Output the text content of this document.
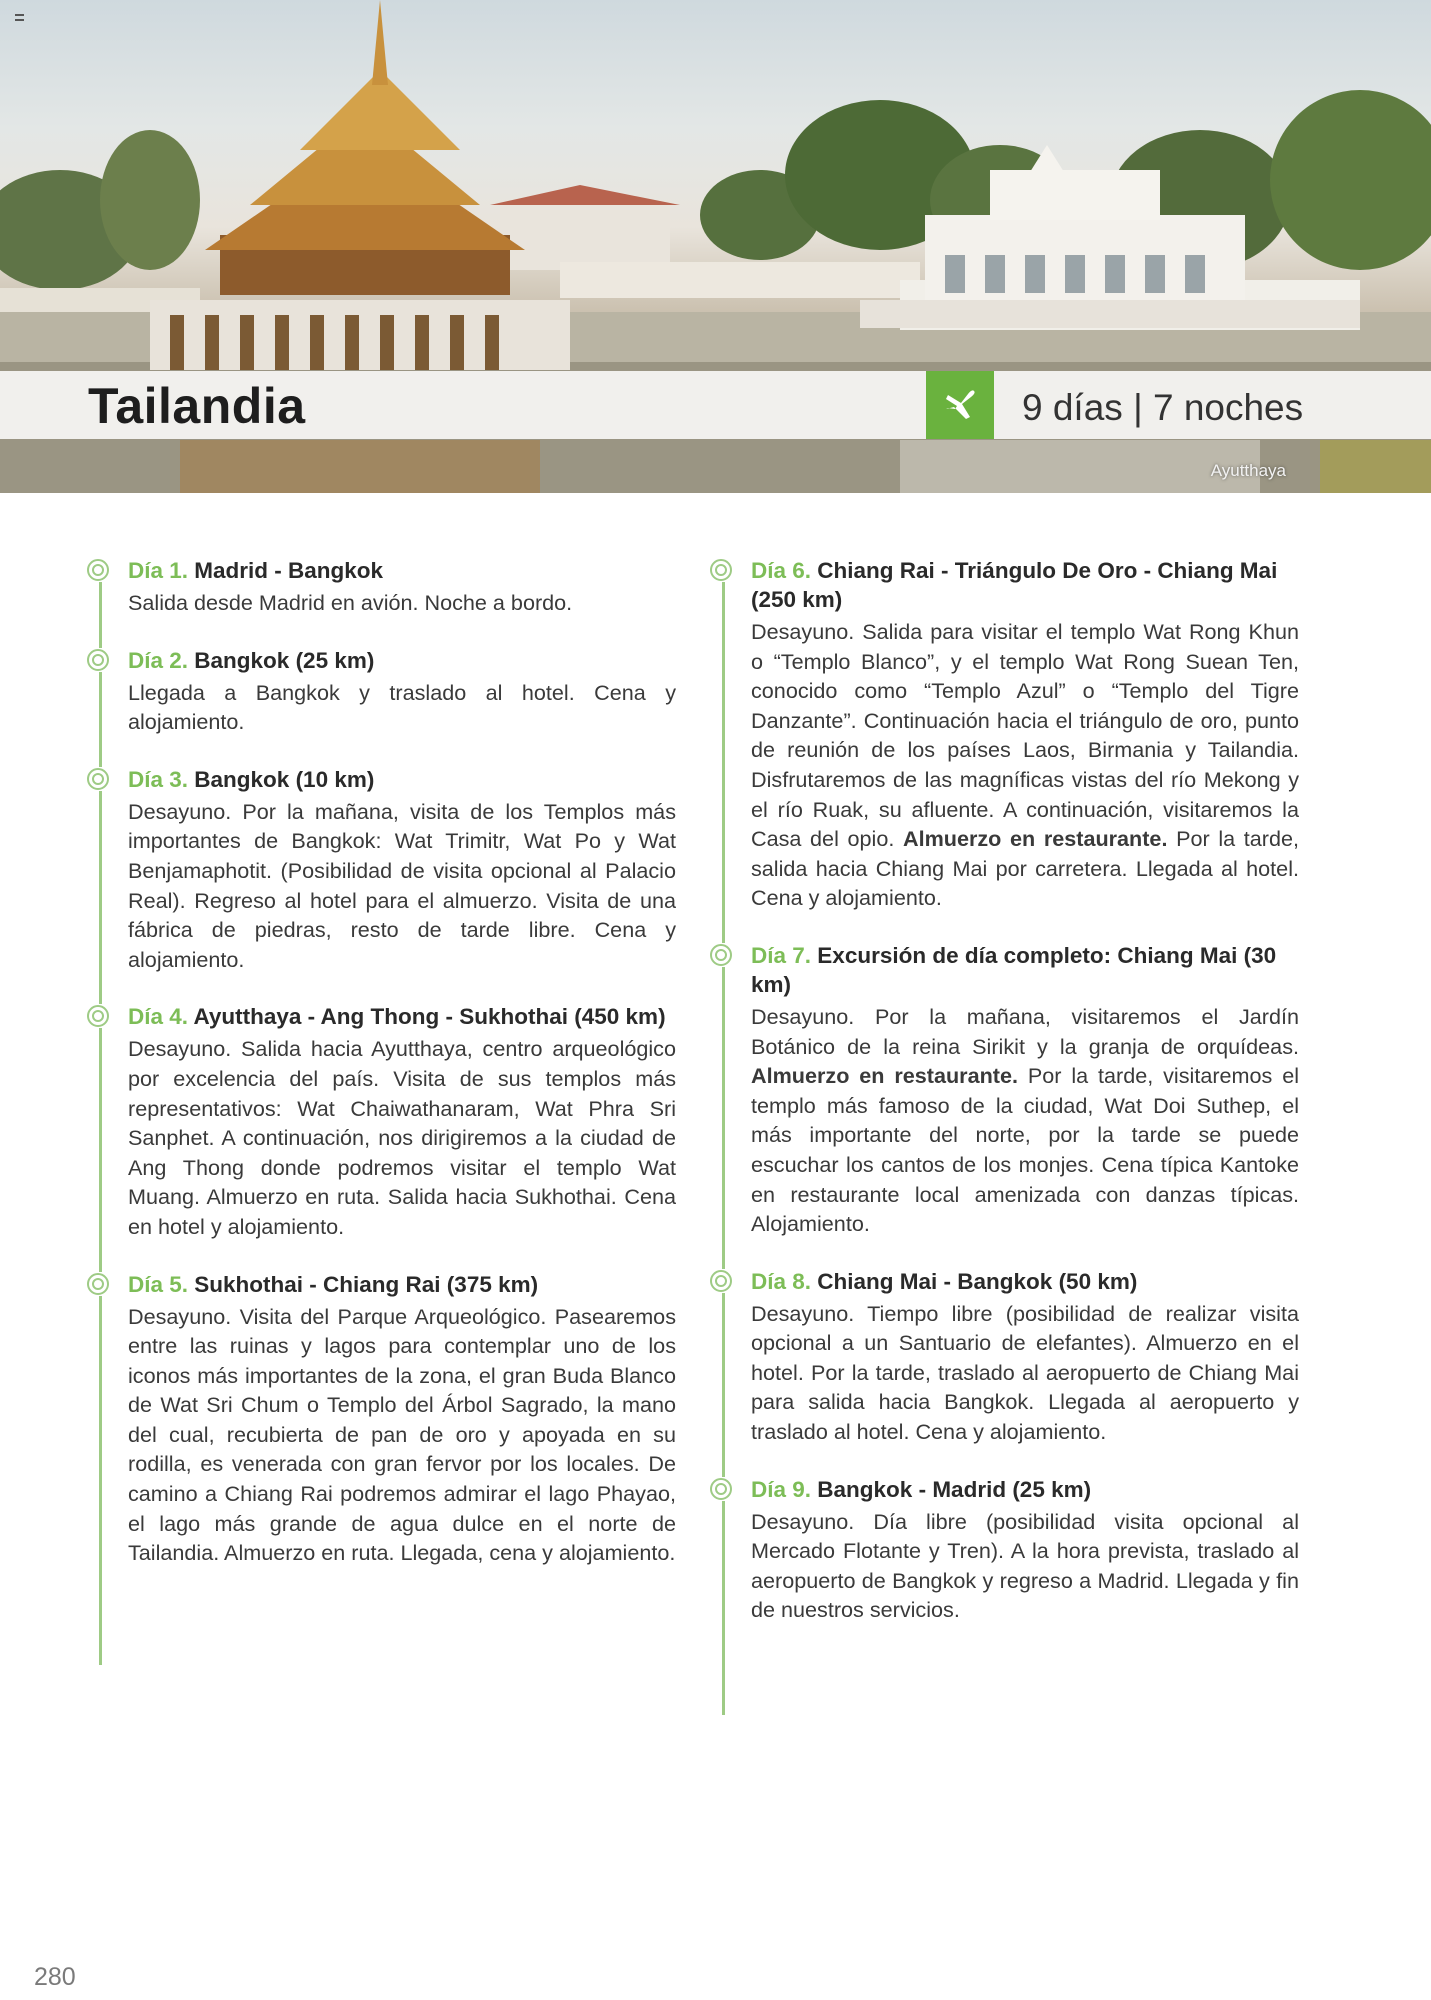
Tailandia	9 días | 7 noches
Ayutthaya

Día 1. Madrid - Bangkok

Salida desde Madrid en avión. Noche a bordo.

Día 2. Bangkok (25 km)

Llegada a Bangkok y traslado al hotel. Cena y alojamiento.

Día 3. Bangkok (10 km)

Desayuno. Por la mañana, visita de los Templos más importantes de Bangkok: Wat Trimitr, Wat Po y Wat Benjamaphotit. (Posibilidad de visita opcional al Palacio Real). Regreso al hotel para el almuerzo. Visita de una fábrica de piedras, resto de tarde libre. Cena y alojamiento.

Día 4. Ayutthaya - Ang Thong - Sukhothai (450 km)

Desayuno. Salida hacia Ayutthaya, centro arqueológico por excelencia del país. Visita de sus templos más representativos: Wat Chaiwathanaram, Wat Phra Sri Sanphet. A continuación, nos dirigiremos a la ciudad de Ang Thong donde podremos visitar el templo Wat Muang. Almuerzo en ruta. Salida hacia Sukhothai. Cena en hotel y alojamiento.

Día 5. Sukhothai - Chiang Rai (375 km)

Desayuno. Visita del Parque Arqueológico. Pasearemos entre las ruinas y lagos para contemplar uno de los iconos más importantes de la zona, el gran Buda Blanco de Wat Sri Chum o Templo del Árbol Sagrado, la mano del cual, recubierta de pan de oro y apoyada en su rodilla, es venerada con gran fervor por los locales. De camino a Chiang Rai podremos admirar el lago Phayao, el lago más grande de agua dulce en el norte de Tailandia. Almuerzo en ruta. Llegada, cena y alojamiento.

Día 6. Chiang Rai - Triángulo De Oro - Chiang Mai (250 km)

Desayuno. Salida para visitar el templo Wat Rong Khun o “Templo Blanco”, y el templo Wat Rong Suean Ten, conocido como “Templo Azul” o “Templo del Tigre Danzante”. Continuación hacia el triángulo de oro, punto de reunión de los países Laos, Birmania y Tailandia. Disfrutaremos de las magníficas vistas del río Mekong y el río Ruak, su afluente. A continuación, visitaremos la Casa del opio. Almuerzo en restaurante. Por la tarde, salida hacia Chiang Mai por carretera. Llegada al hotel. Cena y alojamiento.

Día 7. Excursión de día completo: Chiang Mai (30 km)

Desayuno. Por la mañana, visitaremos el Jardín Botánico de la reina Sirikit y la granja de orquídeas. Almuerzo en restaurante. Por la tarde, visitaremos el templo más famoso de la ciudad, Wat Doi Suthep, el más importante del norte, por la tarde se puede escuchar los cantos de los monjes. Cena típica Kantoke en restaurante local amenizada con danzas típicas. Alojamiento.

Día 8. Chiang Mai - Bangkok (50 km)

Desayuno. Tiempo libre (posibilidad de realizar visita opcional a un Santuario de elefantes). Almuerzo en el hotel. Por la tarde, traslado al aeropuerto de Chiang Mai para salida hacia Bangkok. Llegada al aeropuerto y traslado al hotel. Cena y alojamiento.

Día 9. Bangkok - Madrid (25 km)

Desayuno. Día libre (posibilidad visita opcional al Mercado Flotante y Tren). A la hora prevista, traslado al aeropuerto de Bangkok y regreso a Madrid. Llegada y fin de nuestros servicios.

280
